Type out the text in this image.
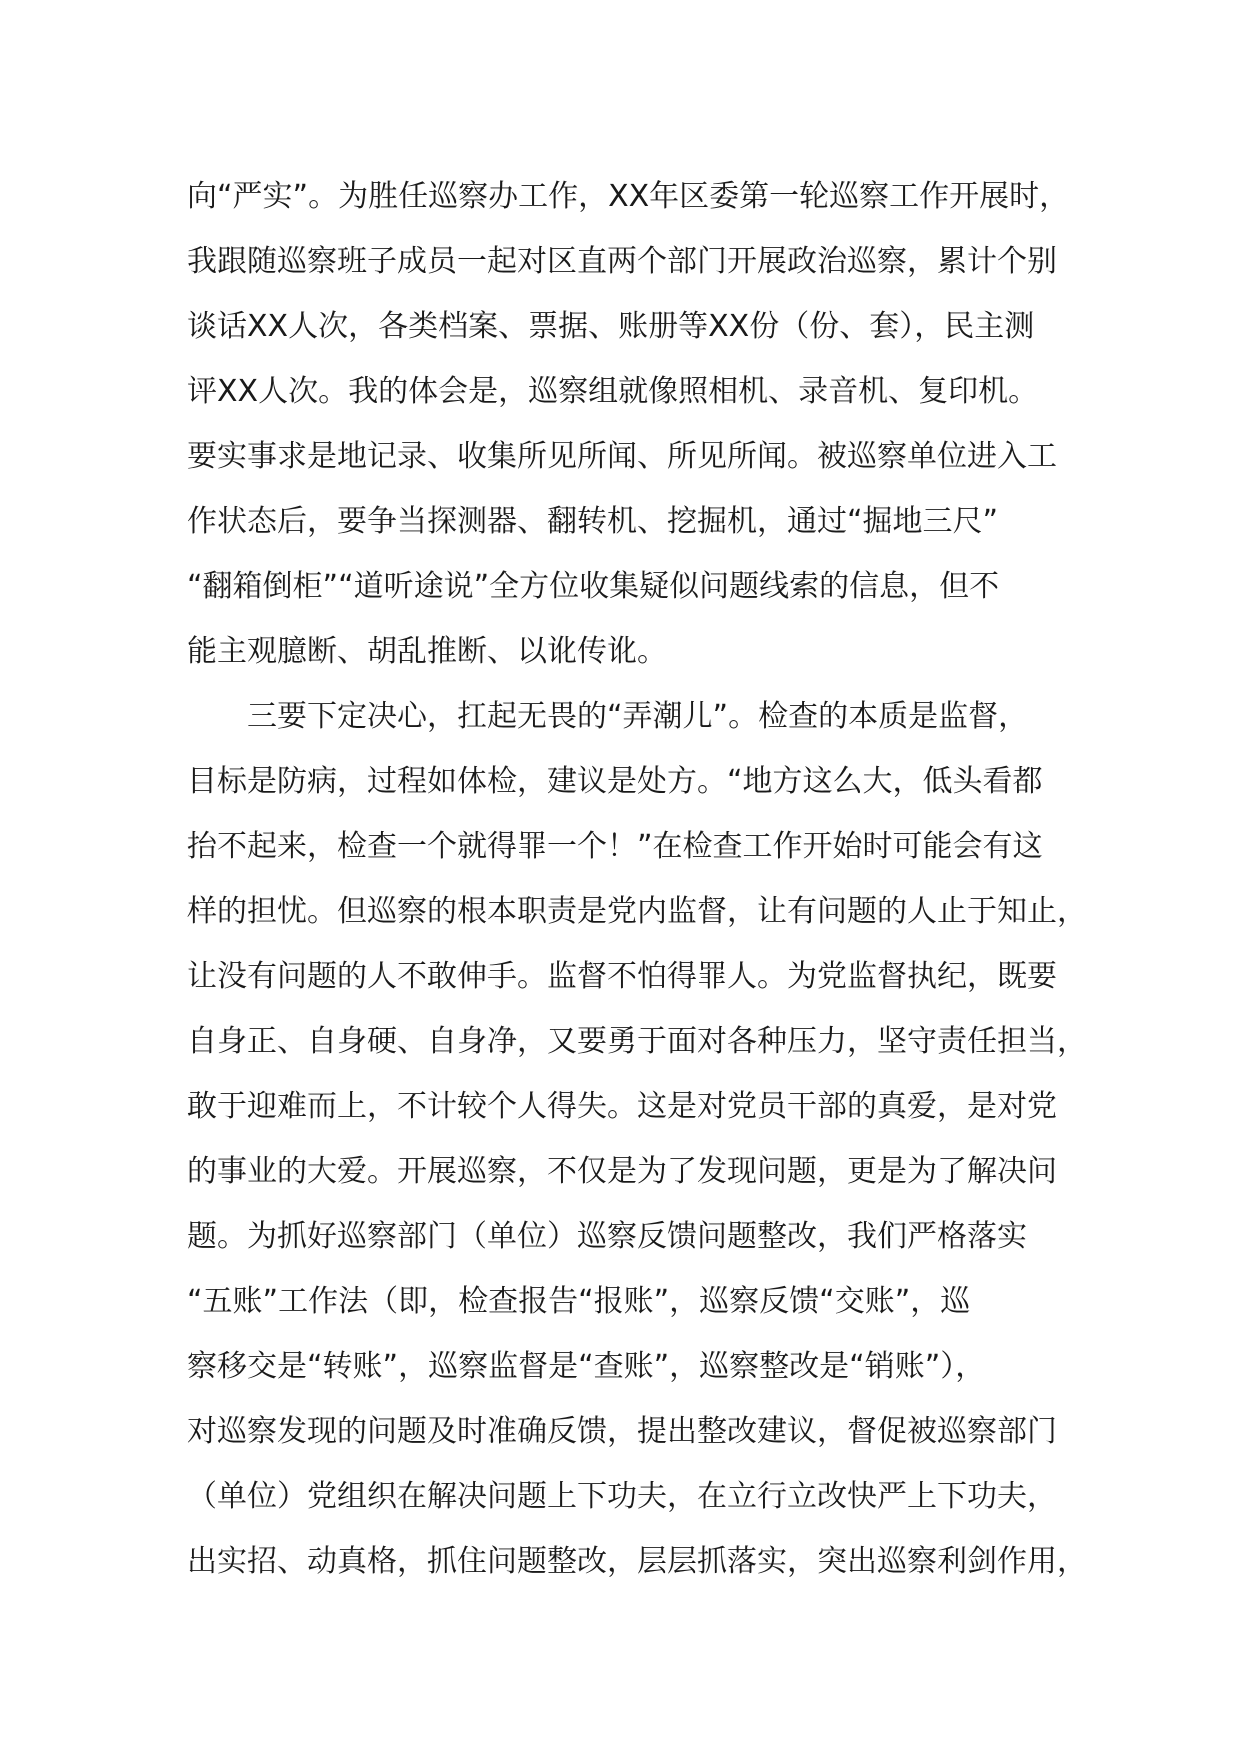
向“严实”。为胜任巡察办工作，XX年区委第一轮巡察工作开展时，
我跟随巡察班子成员一起对区直两个部门开展政治巡察，累计个别
谈话XX人次，各类档案、票据、账册等XX份（份、套），民主测
评XX人次。我的体会是，巡察组就像照相机、录音机、复印机。
要实事求是地记录、收集所见所闻、所见所闻。被巡察单位进入工
作状态后，要争当探测器、翻转机、挖掘机，通过“掘地三尺”
“翻箱倒柜”“道听途说”全方位收集疑似问题线索的信息，但不
能主观臆断、胡乱推断、以讹传讹。
三要下定决心，扛起无畏的“弄潮儿”。检查的本质是监督，
目标是防病，过程如体检，建议是处方。“地方这么大，低头看都
抬不起来，检查一个就得罪一个！”在检查工作开始时可能会有这
样的担忧。但巡察的根本职责是党内监督，让有问题的人止于知止，
让没有问题的人不敢伸手。监督不怕得罪人。为党监督执纪，既要
自身正、自身硬、自身净，又要勇于面对各种压力，坚守责任担当，
敢于迎难而上，不计较个人得失。这是对党员干部的真爱，是对党
的事业的大爱。开展巡察，不仅是为了发现问题，更是为了解决问
题。为抓好巡察部门（单位）巡察反馈问题整改，我们严格落实
“五账”工作法（即，检查报告“报账”，巡察反馈“交账”，巡
察移交是“转账”，巡察监督是“查账”，巡察整改是“销账”），
对巡察发现的问题及时准确反馈，提出整改建议，督促被巡察部门
（单位）党组织在解决问题上下功夫，在立行立改快严上下功夫，
出实招、动真格，抓住问题整改，层层抓落实，突出巡察利剑作用，
